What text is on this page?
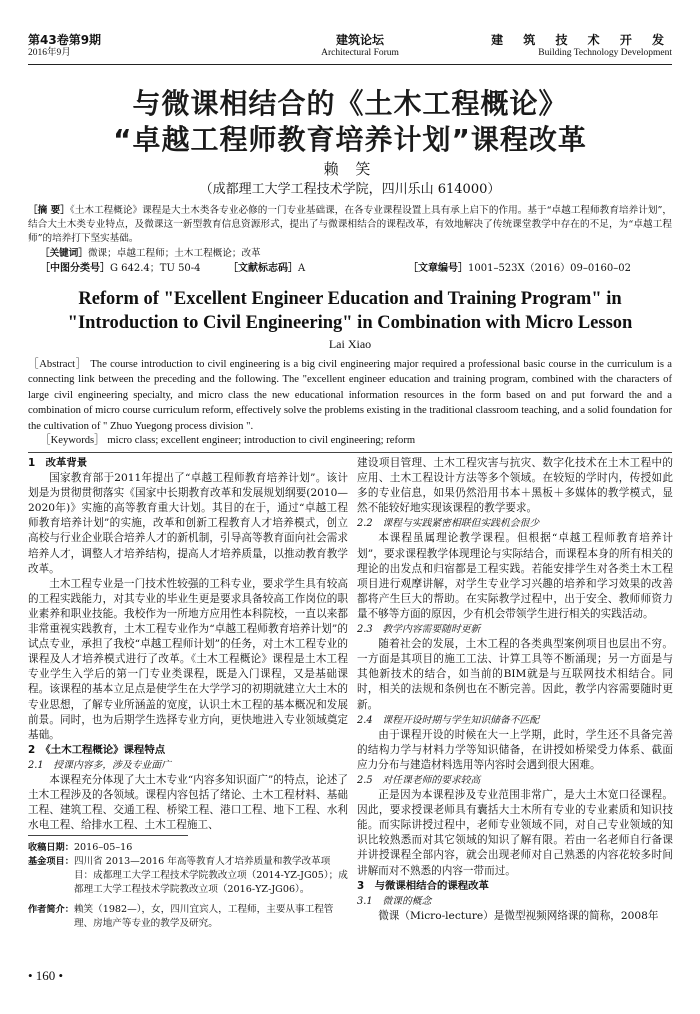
第43卷第9期
2016年9月
建筑论坛
Architectural Forum
建 筑 技 术 开 发
Building Technology Development
与微课相结合的《土木工程概论》
“卓越工程师教育培养计划”课程改革
赖 笑
（成都理工大学工程技术学院，四川乐山 614000）
［摘 要］《土木工程概论》课程是大土木类各专业必修的一门专业基础课，在各专业课程设置上具有承上启下的作用。基于“卓越工程师教育培养计划”，结合大土木类专业特点，及微课这一新型教育信息资源形式，提出了与微课相结合的课程改革，有效地解决了传统课堂教学中存在的不足，为“卓越工程师”的培养打下坚实基础。
［关键词］微课；卓越工程师；土木工程概论；改革
［中图分类号］G 642.4；TU 50-4	［文献标志码］A	［文章编号］1001–523X（2016）09–0160–02
Reform of "Excellent Engineer Education and Training Program" in
"Introduction to Civil Engineering" in Combination with Micro Lesson
Lai Xiao
［Abstract］ The course introduction to civil engineering is a big civil engineering major required a professional basic course in the curriculum is a connecting link between the preceding and the following. The "excellent engineer education and training program, combined with the characters of large civil engineering specialty, and micro class the new educational information resources in the form based on and put forward the and a combination of micro course curriculum reform, effectively solve the problems existing in the traditional classroom teaching, and a solid foundation for the cultivation of " Zhuo Yuegong process division ".
［Keywords］ micro class; excellent engineer; introduction to civil engineering; reform
1　改革背景

国家教育部于2011年提出了“卓越工程师教育培养计划”。该计划是为贯彻贯彻落实《国家中长期教育改革和发展规划纲要(2010—2020年)》实施的高等教育重大计划。其目的在于，通过“卓越工程师教育培养计划”的实施，改革和创新工程教育人才培养模式，创立高校与行业企业联合培养人才的新机制，引导高等教育面向社会需求培养人才，调整人才培养结构，提高人才培养质量，以推动教育教学改革。

土木工程专业是一门技术性较强的工科专业，要求学生具有较高的工程实践能力，对其专业的毕业生更是要求具备较高工作岗位的职业素养和职业技能。我校作为一所地方应用性本科院校，一直以来都非常重视实践教育，土木工程专业作为“卓越工程师教育培养计划”的试点专业，承担了我校“卓越工程师计划”的任务，对土木工程专业的课程及人才培养模式进行了改革。《土木工程概论》课程是土木工程专业学生入学后的第一门专业类课程，既是入门课程，又是基础课程。该课程的基本立足点是使学生在大学学习的初期就建立大土木的专业思想，了解专业所涵盖的宽度，认识土木工程的基本概况和发展前景。同时，也为后期学生选择专业方向，更快地进入专业领域奠定基础。

2　《土木工程概论》课程特点
2.1　授课内容多，涉及专业面广

本课程充分体现了大土木专业“内容多知识面广”的特点，论述了土木工程涉及的各领域。课程内容包括了绪论、土木工程材料、基础工程、建筑工程、交通工程、桥梁工程、港口工程、地下工程、水利水电工程、给排水工程、土木工程施工、

建设项目管理、土木工程灾害与抗灾、数字化技术在土木工程中的应用、土木工程设计方法等多个领域。在较短的学时内，传授如此多的专业信息，如果仍然沿用书本＋黑板＋多媒体的教学模式，显然不能较好地实现该课程的教学要求。

2.2　课程与实践紧密相联但实践机会很少

本课程虽属理论教学课程。但根据“卓越工程师教育培养计划”，要求课程教学体现理论与实际结合，而课程本身的所有相关的理论的出发点和归宿都是工程实践。若能安排学生对各类土木工程项目进行观摩讲解，对学生专业学习兴趣的培养和学习效果的改善都将产生巨大的帮助。在实际教学过程中，出于安全、教师师资力量不够等方面的原因，少有机会带领学生进行相关的实践活动。

2.3　教学内容需要随时更新

随着社会的发展，土木工程的各类典型案例项目也层出不穷。一方面是其项目的施工工法、计算工具等不断涌现；另一方面是与其他新技术的结合，如当前的BIM就是与互联网技术相结合。同时，相关的法规和条例也在不断完善。因此，教学内容需要随时更新。

2.4　课程开设时期与学生知识储备不匹配

由于课程开设的时候在大一上学期，此时，学生还不具备完善的结构力学与材料力学等知识储备，在讲授如桥梁受力体系、截面应力分布与建造材料选用等内容时会遇到很大困难。

2.5　对任课老师的要求较高

正是因为本课程涉及专业范围非常广，是大土木宽口径课程。因此，要求授课老师具有囊括大土木所有专业的专业素质和知识技能。而实际讲授过程中，老师专业领域不同，对自己专业领域的知识比较熟悉而对其它领域的知识了解有限。若由一名老师自行备课并讲授课程全部内容，就会出现老师对自己熟悉的内容花较多时间讲解而对不熟悉的内容一带而过。

3　与微课相结合的课程改革
3.1　微课的概念

微课（Micro-lecture）是微型视频网络课的简称，2008年

收稿日期： 2016–05–16
基金项目： 四川省 2013—2016 年高等教育人才培养质量和教学改革项目：成都理工大学工程技术学院教改立项（2014-YZ-JG05）；成都理工大学工程技术学院教改立项（2016-YZ-JG06）。
作者简介： 赖笑（1982—），女，四川宜宾人，工程师，主要从事工程管理、房地产等专业的教学及研究。
• 160 •
